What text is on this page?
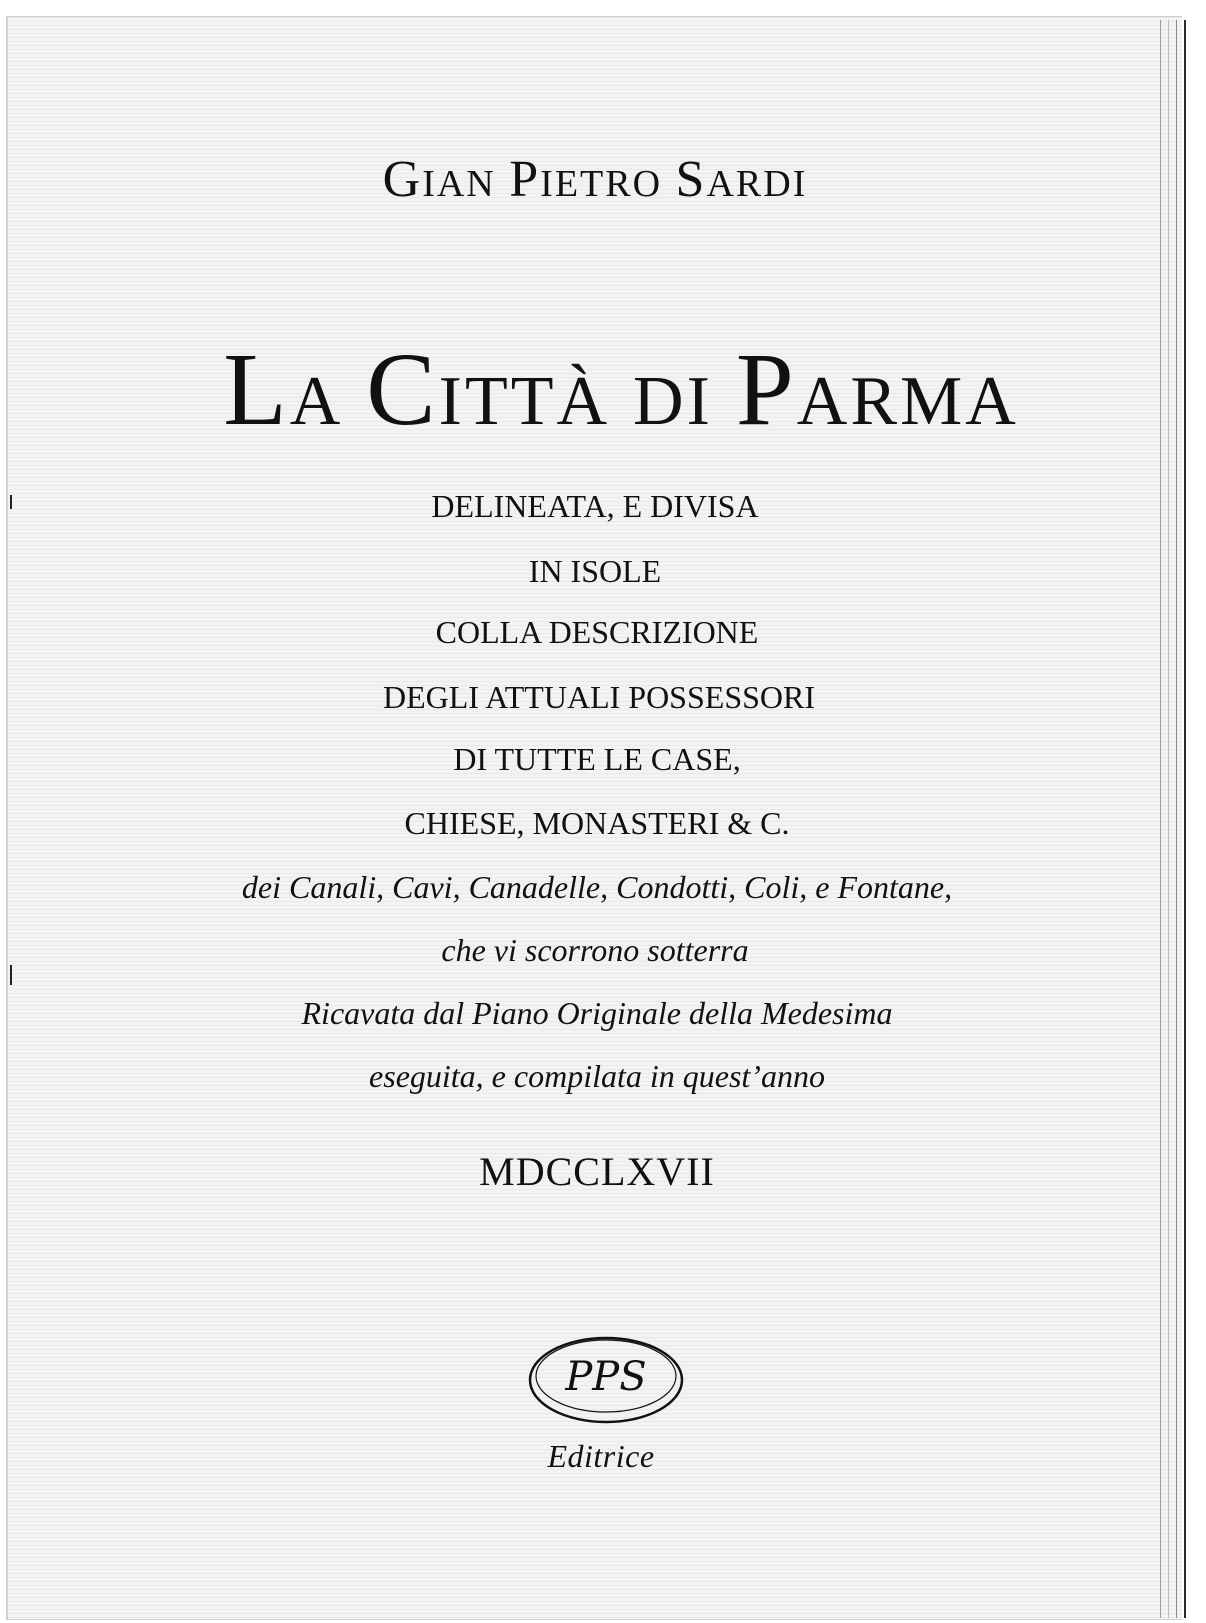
GIAN PIETRO SARDI
LA CITTÀ DI PARMA
DELINEATA, E DIVISA
IN ISOLE
COLLA DESCRIZIONE
DEGLI ATTUALI POSSESSORI
DI TUTTE LE CASE,
CHIESE, MONASTERI & C.
dei Canali, Cavi, Canadelle, Condotti, Coli, e Fontane,
che vi scorrono sotterra
Ricavata dal Piano Originale della Medesima
eseguita, e compilata in quest’anno
MDCCLXVII
PPS
Editrice
